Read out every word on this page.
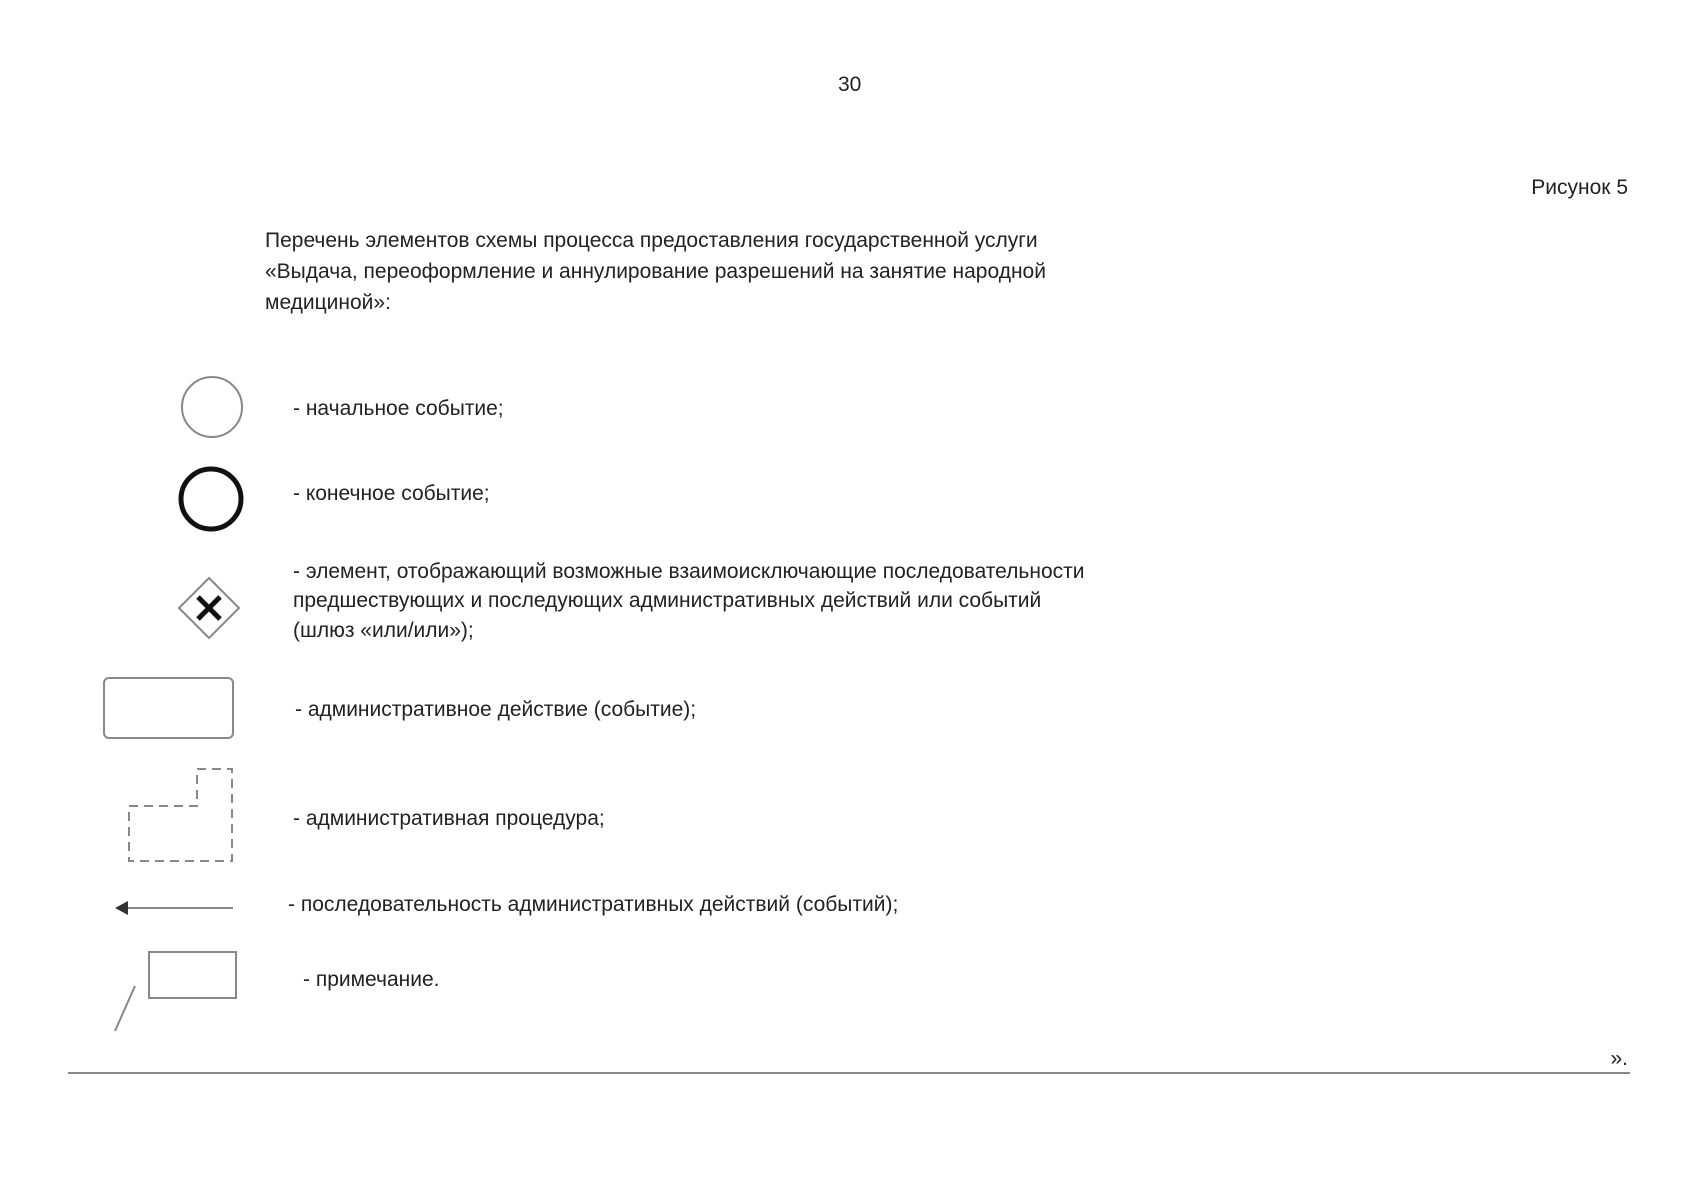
30
Рисунок 5
Перечень элементов схемы процесса предоставления государственной услуги
«Выдача, переоформление и аннулирование разрешений на занятие народной
медициной»:
- начальное событие;
- конечное событие;
- элемент, отображающий возможные взаимоисключающие последовательности
предшествующих и последующих административных действий или событий
(шлюз «или/или»);
- административное действие (событие);
- административная процедура;
- последовательность административных действий (событий);
- примечание.
».
